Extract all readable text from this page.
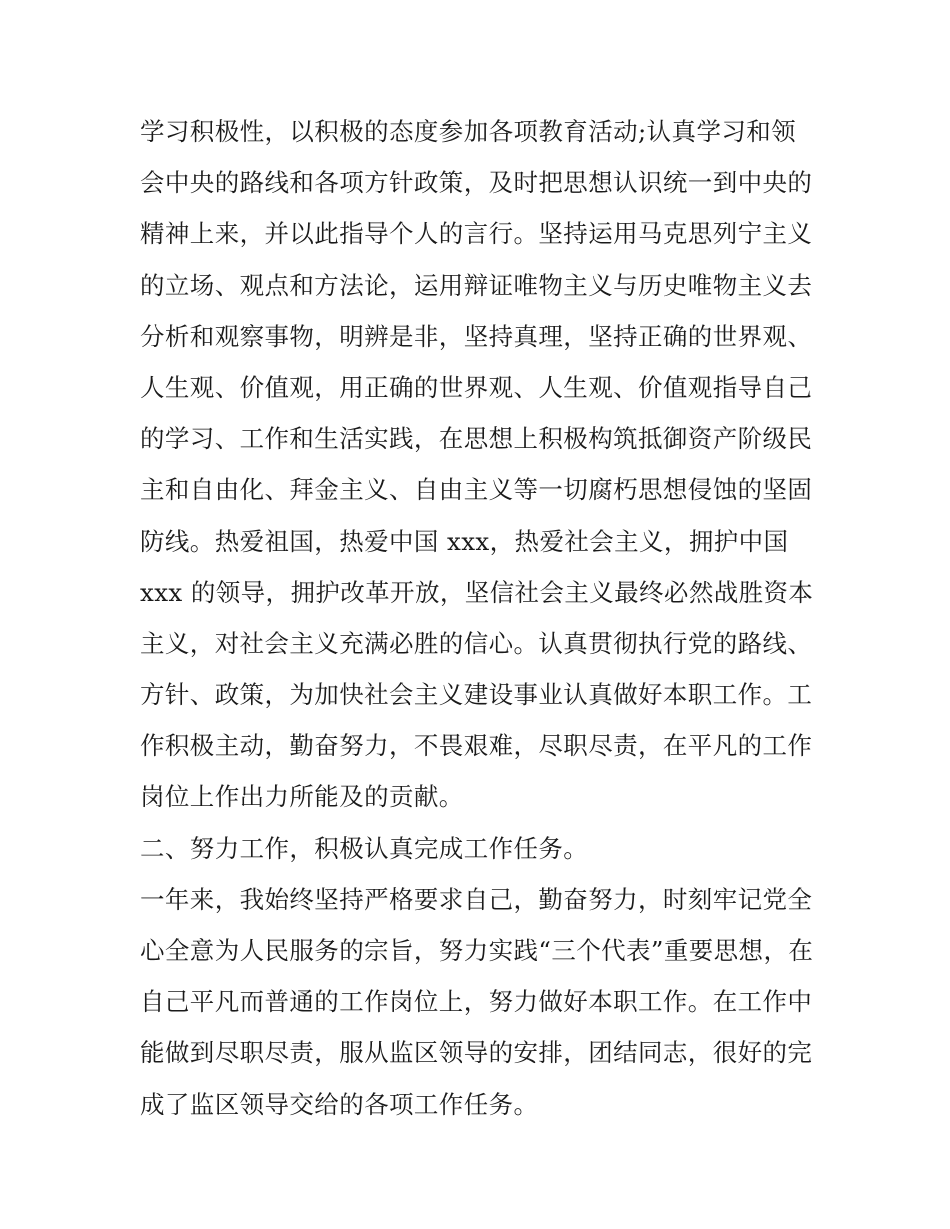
学习积极性，以积极的态度参加各项教育活动;认真学习和领
会中央的路线和各项方针政策，及时把思想认识统一到中央的
精神上来，并以此指导个人的言行。坚持运用马克思列宁主义
的立场、观点和方法论，运用辩证唯物主义与历史唯物主义去
分析和观察事物，明辨是非，坚持真理，坚持正确的世界观、
人生观、价值观，用正确的世界观、人生观、价值观指导自己
的学习、工作和生活实践，在思想上积极构筑抵御资产阶级民
主和自由化、拜金主义、自由主义等一切腐朽思想侵蚀的坚固
防线。热爱祖国，热爱中国 xxx，热爱社会主义，拥护中国
xxx 的领导，拥护改革开放，坚信社会主义最终必然战胜资本
主义，对社会主义充满必胜的信心。认真贯彻执行党的路线、
方针、政策，为加快社会主义建设事业认真做好本职工作。工
作积极主动，勤奋努力，不畏艰难，尽职尽责，在平凡的工作
岗位上作出力所能及的贡献。
二、努力工作，积极认真完成工作任务。
一年来，我始终坚持严格要求自己，勤奋努力，时刻牢记党全
心全意为人民服务的宗旨，努力实践“三个代表”重要思想，在
自己平凡而普通的工作岗位上，努力做好本职工作。在工作中
能做到尽职尽责，服从监区领导的安排，团结同志，很好的完
成了监区领导交给的各项工作任务。
